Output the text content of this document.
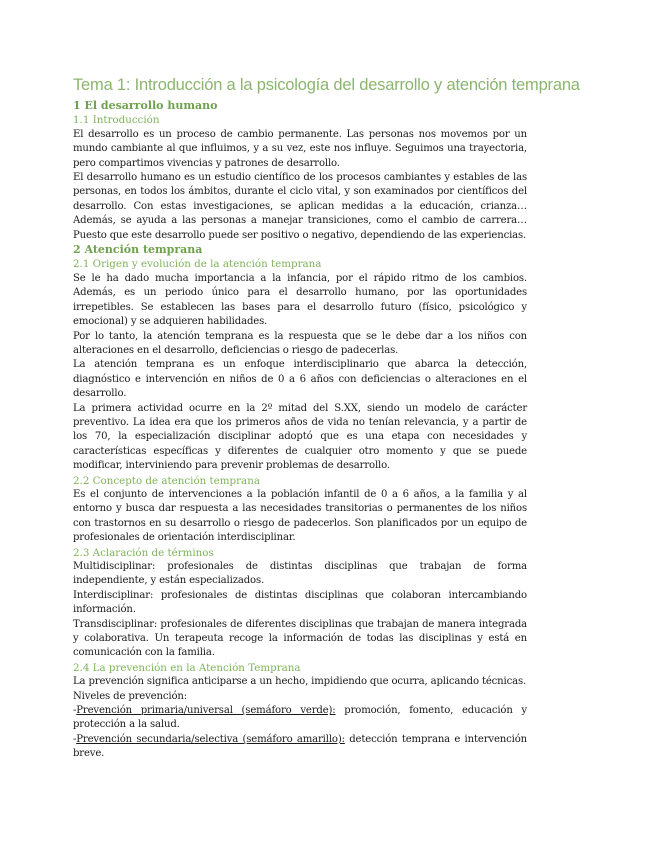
Tema 1: Introducción a la psicología del desarrollo y atención temprana
1 El desarrollo humano
1.1 Introducción

El desarrollo es un proceso de cambio permanente. Las personas nos movemos por un mundo cambiante al que influimos, y a su vez, este nos influye. Seguimos una trayectoria, pero compartimos vivencias y patrones de desarrollo.

El desarrollo humano es un estudio científico de los procesos cambiantes y estables de las personas, en todos los ámbitos, durante el ciclo vital, y son examinados por científicos del desarrollo. Con estas investigaciones, se aplican medidas a la educación, crianza… Además, se ayuda a las personas a manejar transiciones, como el cambio de carrera…Puesto que este desarrollo puede ser positivo o negativo, dependiendo de las experiencias.

2 Atención temprana
2.1 Origen y evolución de la atención temprana

Se le ha dado mucha importancia a la infancia, por el rápido ritmo de los cambios. Además, es un periodo único para el desarrollo humano, por las oportunidades irrepetibles. Se establecen las bases para el desarrollo futuro (físico, psicológico y emocional) y se adquieren habilidades.

Por lo tanto, la atención temprana es la respuesta que se le debe dar a los niños con alteraciones en el desarrollo, deficiencias o riesgo de padecerlas.

La atención temprana es un enfoque interdisciplinario que abarca la detección, diagnóstico e intervención en niños de 0 a 6 años con deficiencias o alteraciones en el desarrollo.

La primera actividad ocurre en la 2º mitad del S.XX, siendo un modelo de carácter preventivo. La idea era que los primeros años de vida no tenían relevancia, y a partir de los 70, la especialización disciplinar adoptó que es una etapa con necesidades y características específicas y diferentes de cualquier otro momento y que se puede modificar, interviniendo para prevenir problemas de desarrollo.

2.2 Concepto de atención temprana

Es el conjunto de intervenciones a la población infantil de 0 a 6 años, a la familia y al entorno y busca dar respuesta a las necesidades transitorias o permanentes de los niños con trastornos en su desarrollo o riesgo de padecerlos. Son planificados por un equipo de profesionales de orientación interdisciplinar.

2.3 Aclaración de términos

Multidisciplinar: profesionales de distintas disciplinas que trabajan de forma independiente, y están especializados.

Interdisciplinar: profesionales de distintas disciplinas que colaboran intercambiando información.

Transdisciplinar: profesionales de diferentes disciplinas que trabajan de manera integrada y colaborativa. Un terapeuta recoge la información de todas las disciplinas y está en comunicación con la familia.

2.4 La prevención en la Atención Temprana

La prevención significa anticiparse a un hecho, impidiendo que ocurra, aplicando técnicas.

Niveles de prevención:

-Prevención primaria/universal (semáforo verde): promoción, fomento, educación y protección a la salud.

-Prevención secundaria/selectiva (semáforo amarillo): detección temprana e intervención breve.
